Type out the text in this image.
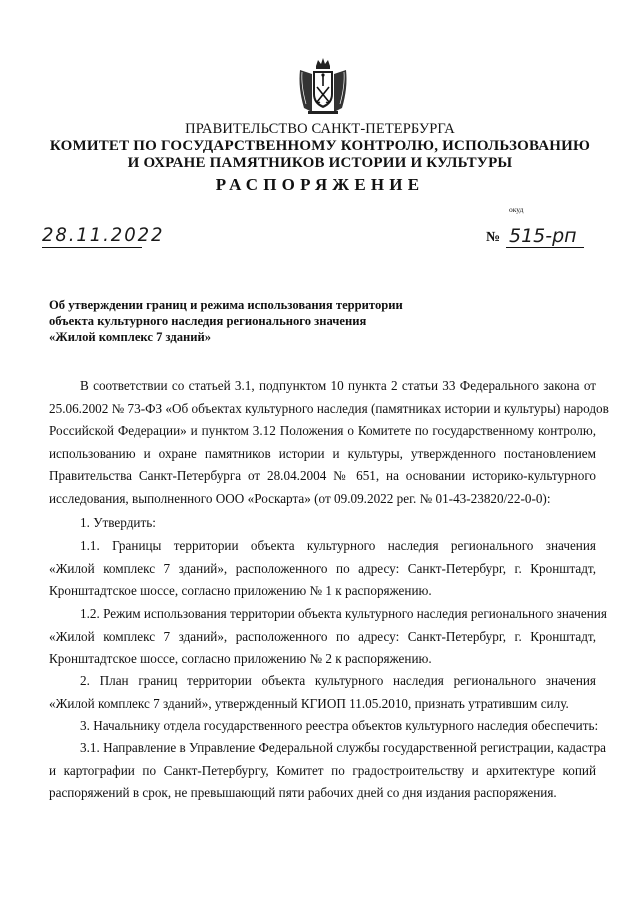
ПРАВИТЕЛЬСТВО САНКТ-ПЕТЕРБУРГА
КОМИТЕТ ПО ГОСУДАРСТВЕННОМУ КОНТРОЛЮ, ИСПОЛЬЗОВАНИЮ
И ОХРАНЕ ПАМЯТНИКОВ ИСТОРИИ И КУЛЬТУРЫ
РАСПОРЯЖЕНИЕ
окуд
28.11.2022	№ 515-рп
Об утверждении границ и режима использования территории
объекта культурного наследия регионального значения
«Жилой комплекс 7 зданий»
В соответствии со статьей 3.1, подпунктом 10 пункта 2 статьи 33 Федерального закона от
25.06.2002 № 73-ФЗ «Об объектах культурного наследия (памятниках истории и культуры) народов
Российской Федерации» и пунктом 3.12 Положения о Комитете по государственному контролю,
использованию и охране памятников истории и культуры, утвержденного постановлением
Правительства Санкт-Петербурга от 28.04.2004 № 651, на основании историко-культурного
исследования, выполненного ООО «Роскарта» (от 09.09.2022 рег. № 01-43-23820/22-0-0):
1. Утвердить:
1.1. Границы территории объекта культурного наследия регионального значения
«Жилой комплекс 7 зданий», расположенного по адресу: Санкт-Петербург, г. Кронштадт,
Кронштадтское шоссе, согласно приложению № 1 к распоряжению.
1.2. Режим использования территории объекта культурного наследия регионального значения
«Жилой комплекс 7 зданий», расположенного по адресу: Санкт-Петербург, г. Кронштадт,
Кронштадтское шоссе, согласно приложению № 2 к распоряжению.
2. План границ территории объекта культурного наследия регионального значения
«Жилой комплекс 7 зданий», утвержденный КГИОП 11.05.2010, признать утратившим силу.
3. Начальнику отдела государственного реестра объектов культурного наследия обеспечить:
3.1. Направление в Управление Федеральной службы государственной регистрации, кадастра
и картографии по Санкт-Петербургу, Комитет по градостроительству и архитектуре копий
распоряжений в срок, не превышающий пяти рабочих дней со дня издания распоряжения.
